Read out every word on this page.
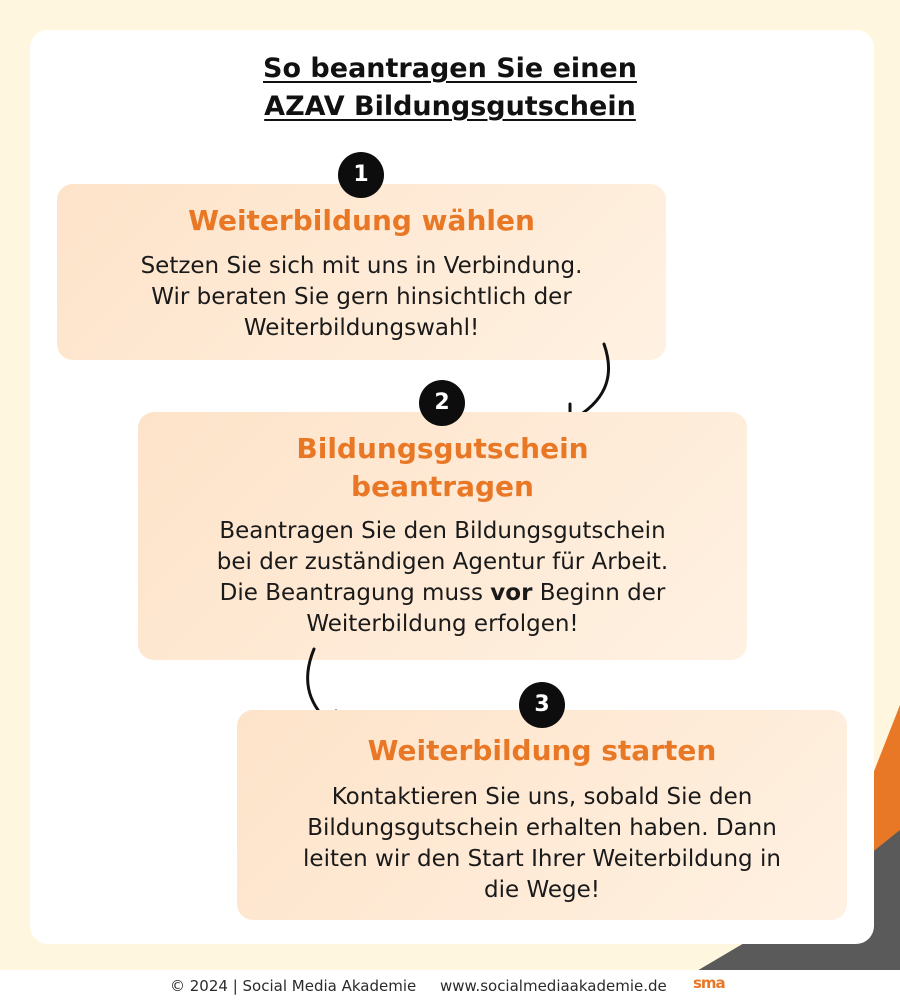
So beantragen Sie einen
AZAV Bildungsgutschein
Weiterbildung wählen
Setzen Sie sich mit uns in Verbindung.
Wir beraten Sie gern hinsichtlich der
Weiterbildungswahl!
1
Bildungsgutschein
beantragen
Beantragen Sie den Bildungsgutschein
bei der zuständigen Agentur für Arbeit.
Die Beantragung muss vor Beginn der
Weiterbildung erfolgen!
2
Weiterbildung starten
Kontaktieren Sie uns, sobald Sie den
Bildungsgutschein erhalten haben. Dann
leiten wir den Start Ihrer Weiterbildung in
die Wege!
3
© 2024 | Social Media Akademie www.socialmediaakademie.de sma
